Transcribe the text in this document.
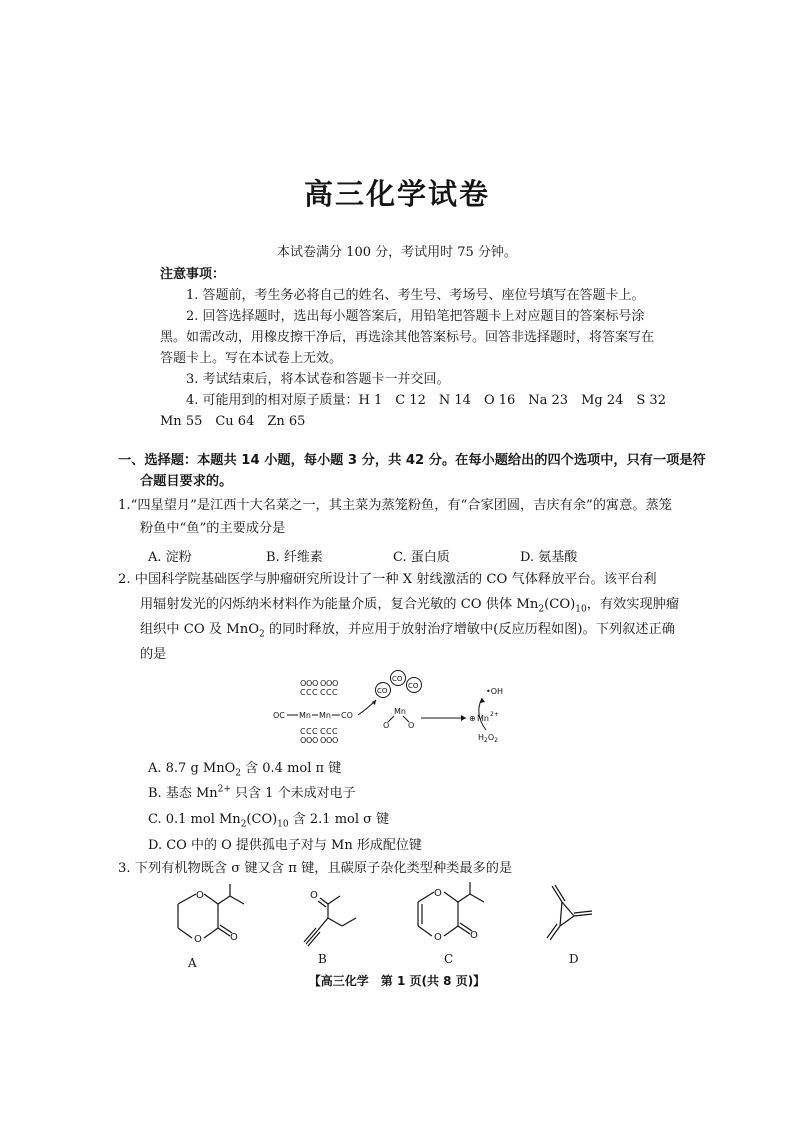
高三化学试卷
本试卷满分 100 分，考试用时 75 分钟。
注意事项：
1. 答题前，考生务必将自己的姓名、考生号、考场号、座位号填写在答题卡上。
2. 回答选择题时，选出每小题答案后，用铅笔把答题卡上对应题目的答案标号涂
黑。如需改动，用橡皮擦干净后，再选涂其他答案标号。回答非选择题时，将答案写在
答题卡上。写在本试卷上无效。
3. 考试结束后，将本试卷和答题卡一并交回。
4. 可能用到的相对原子质量：H 1　C 12　N 14　O 16　Na 23　Mg 24　S 32
Mn 55　Cu 64　Zn 65
一、选择题：本题共 14 小题，每小题 3 分，共 42 分。在每小题给出的四个选项中，只有一项是符
合题目要求的。
1.“四星望月”是江西十大名菜之一，其主菜为蒸笼粉鱼，有“合家团圆，吉庆有余”的寓意。蒸笼
粉鱼中“鱼”的主要成分是
A. 淀粉	B. 纤维素	C. 蛋白质	D. 氨基酸
2. 中国科学院基础医学与肿瘤研究所设计了一种 X 射线激活的 CO 气体释放平台。该平台利
用辐射发光的闪烁纳米材料作为能量介质，复合光敏的 CO 供体 $Mn_2(CO)_{10}$，有效实现肿瘤
组织中 CO 及 MnO$_2$ 的同时释放，并应用于放射治疗增敏中(反应历程如图)。下列叙述正确
的是
O O O
C C C
O O O
C C C
OC Mn Mn CO
C C C
O O O
C C C
O O O
CO
CO
CO
Mn
O O
⊕ Mn 2+
•OH
$H_2O_2$
A. 8.7 g MnO$_2$ 含 0.4 mol π 键
B. 基态 $Mn^{2+}$ 只含 1 个未成对电子
C. 0.1 mol $Mn_2(CO)_{10}$ 含 2.1 mol σ 键
D. CO 中的 O 提供孤电子对与 Mn 形成配位键
3. 下列有机物既含 σ 键又含 π 键，且碳原子杂化类型种类最多的是
O
O	O
A
O
B
O
O	O
C	D
【高三化学　第 1 页(共 8 页)】
